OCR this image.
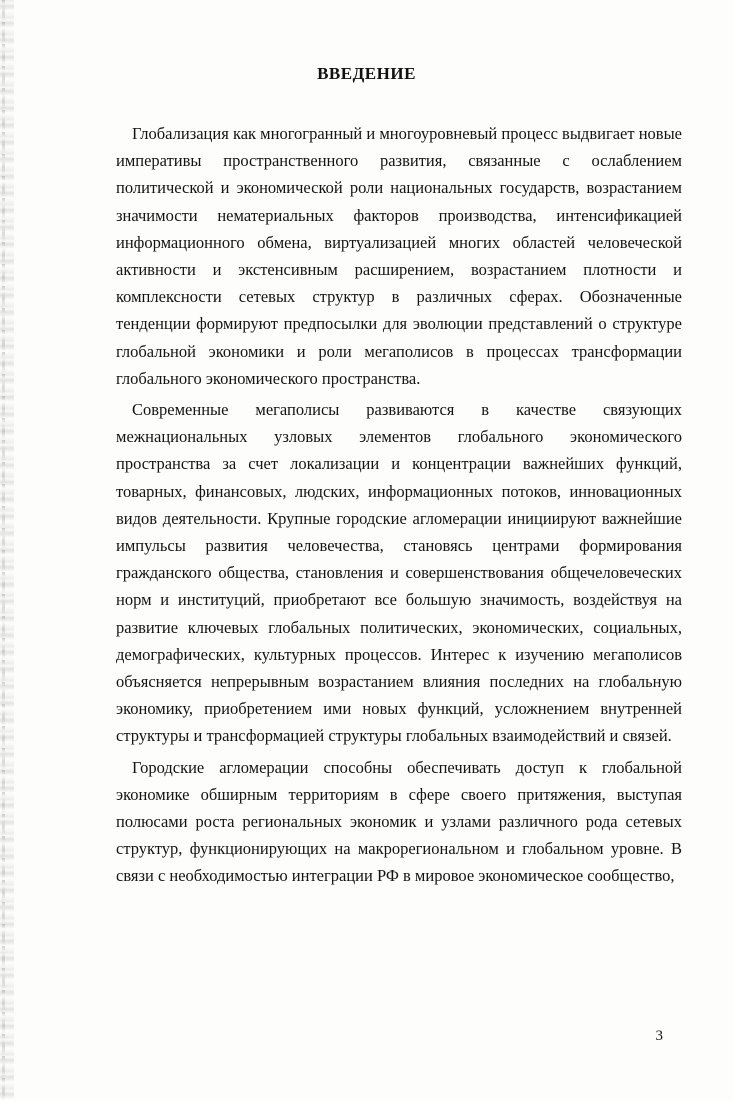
ВВЕДЕНИЕ

Глобализация как многогранный и многоуровневый процесс выдвигает новые императивы пространственного развития, связанные с ослаблением политической и экономической роли национальных государств, возрастанием значимости нематериальных факторов производства, интенсификацией информационного обмена, виртуализацией многих областей человеческой активности и экстенсивным расширением, возрастанием плотности и комплексности сетевых структур в различных сферах. Обозначенные тенденции формируют предпосылки для эволюции представлений о структуре глобальной экономики и роли мегаполисов в процессах трансформации глобального экономического пространства.

Современные мегаполисы развиваются в качестве связующих межнациональных узловых элементов глобального экономического пространства за счет локализации и концентрации важнейших функций, товарных, финансовых, людских, информационных потоков, инновационных видов деятельности. Крупные городские агломерации инициируют важнейшие импульсы развития человечества, становясь центрами формирования гражданского общества, становления и совершенствования общечеловеческих норм и институций, приобретают все большую значимость, воздействуя на развитие ключевых глобальных политических, экономических, социальных, демографических, культурных процессов. Интерес к изучению мегаполисов объясняется непрерывным возрастанием влияния последних на глобальную экономику, приобретением ими новых функций, усложнением внутренней структуры и трансформацией структуры глобальных взаимодействий и связей.

Городские агломерации способны обеспечивать доступ к глобальной экономике обширным территориям в сфере своего притяжения, выступая полюсами роста региональных экономик и узлами различного рода сетевых структур, функционирующих на макрорегиональном и глобальном уровне. В связи с необходимостью интеграции РФ в мировое экономическое сообщество,

3
